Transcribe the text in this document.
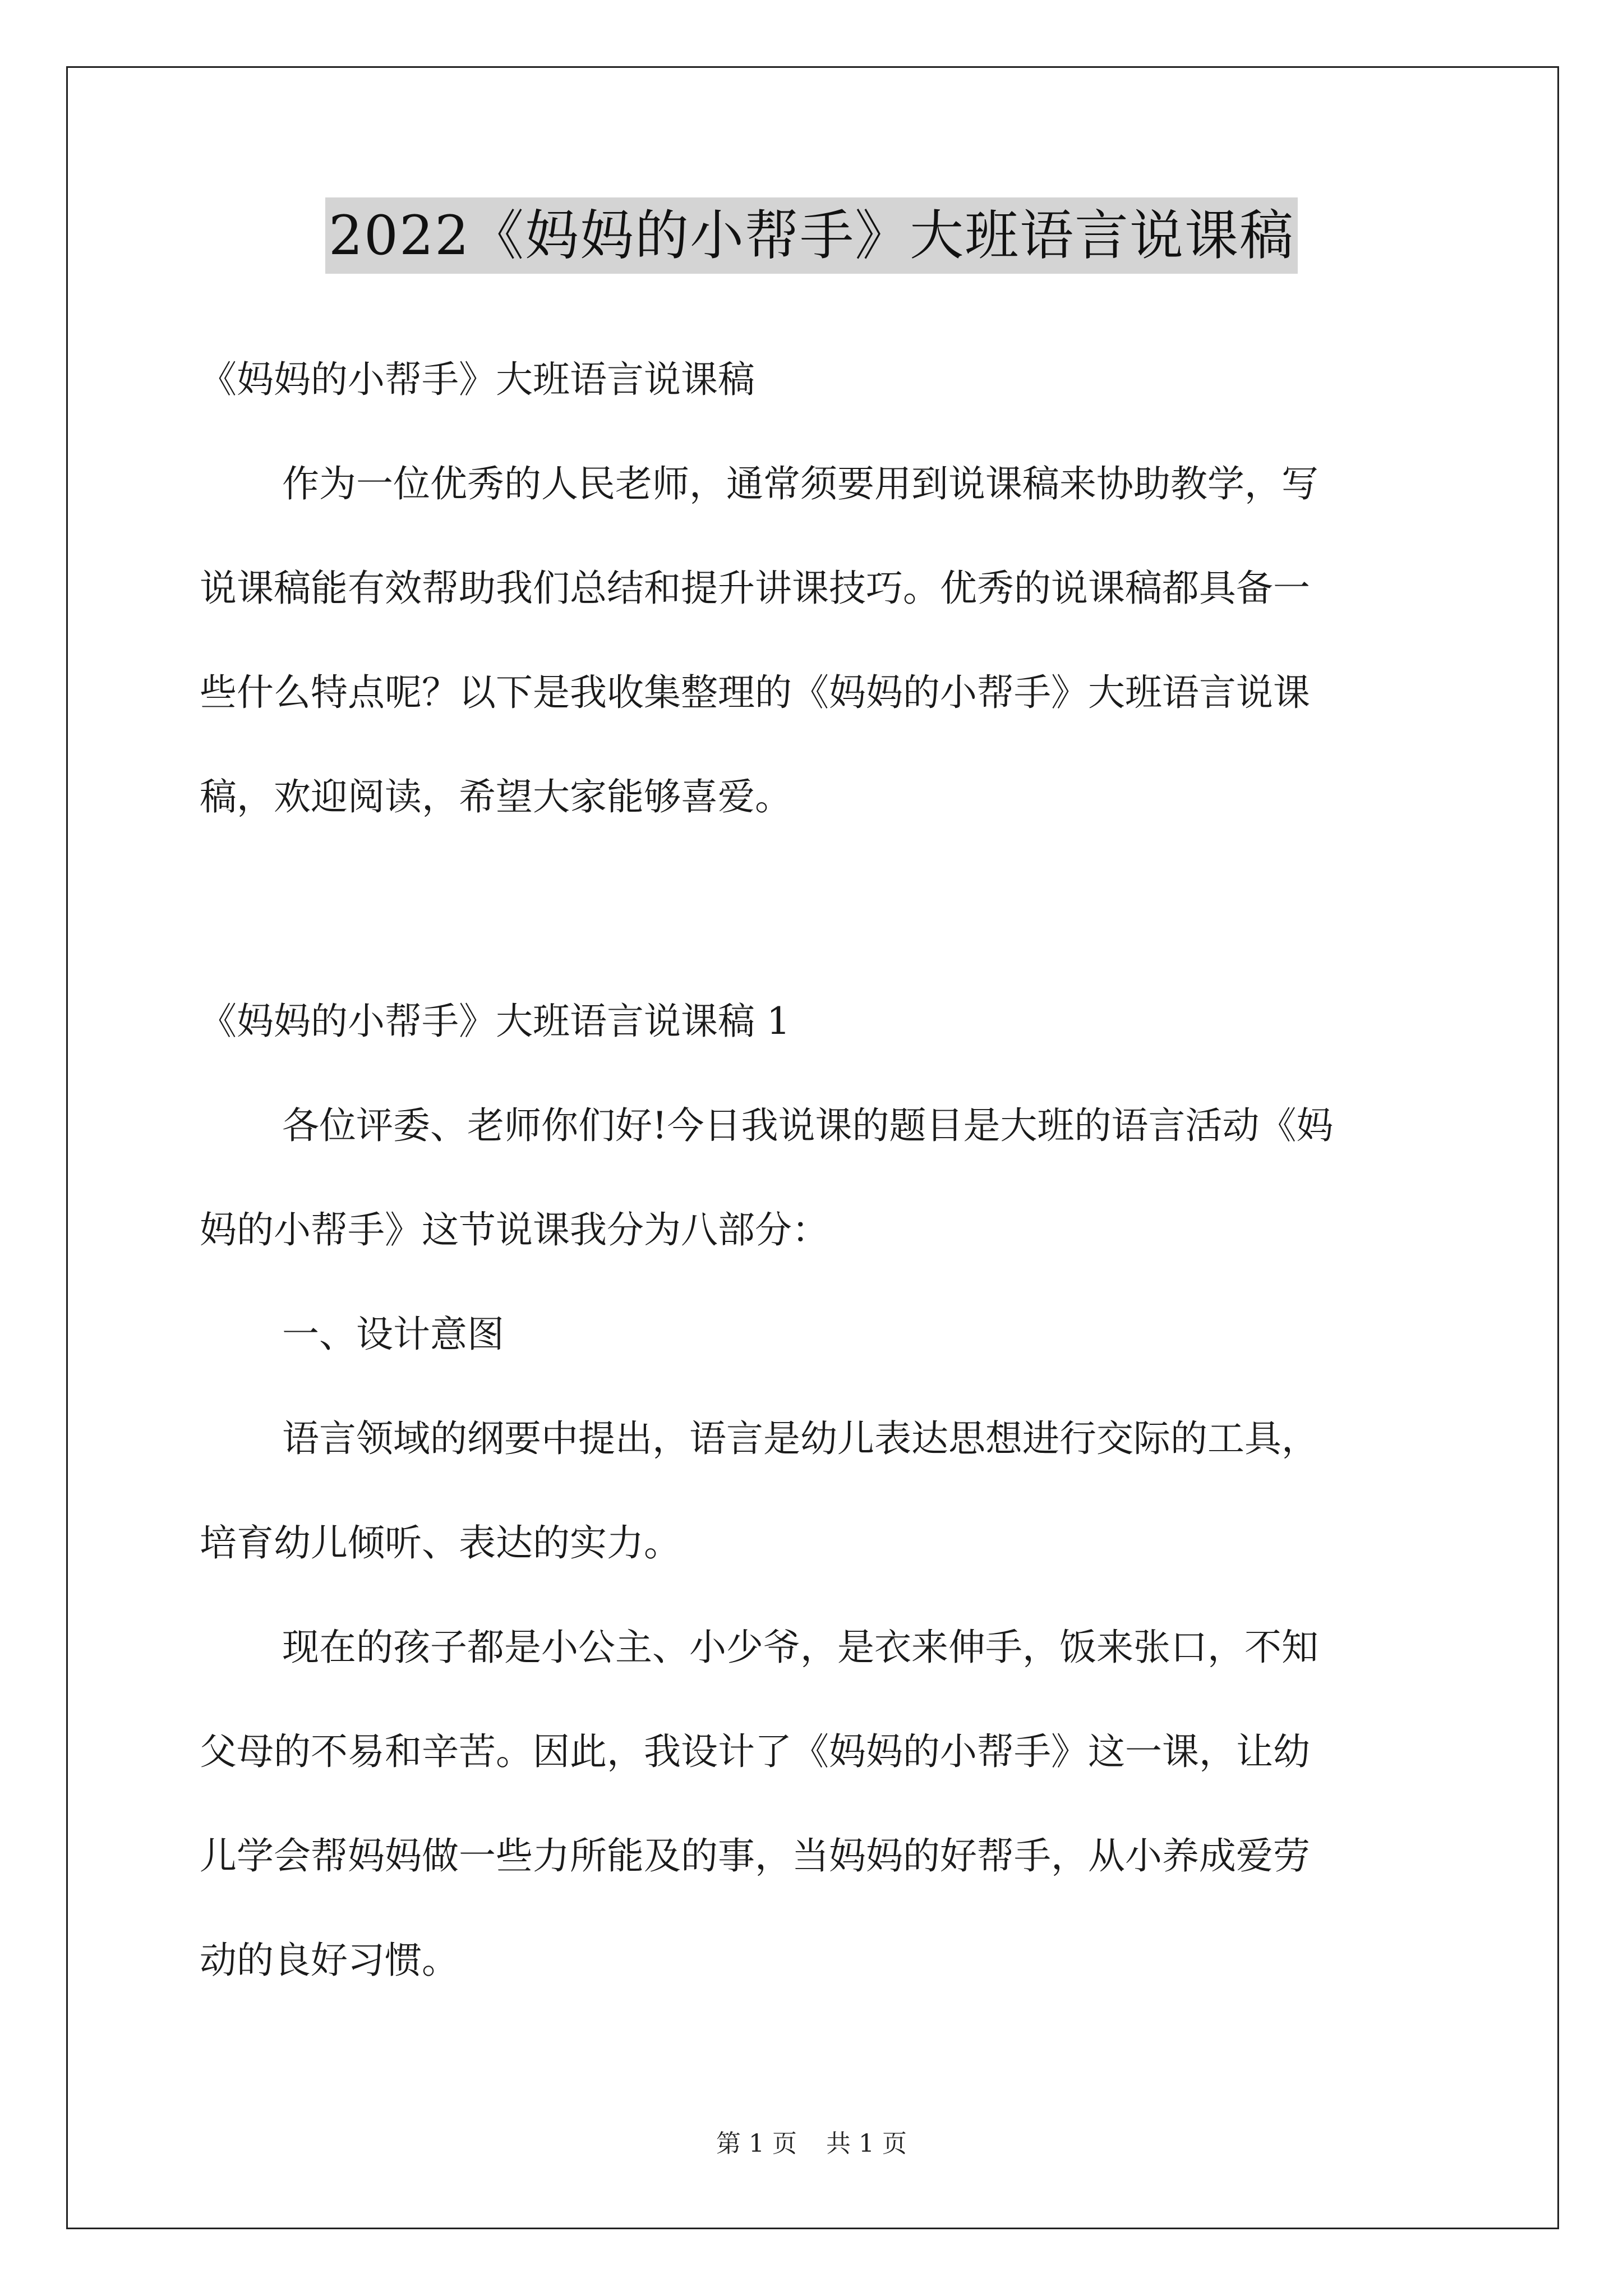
2022《妈妈的小帮手》大班语言说课稿
《妈妈的小帮手》大班语言说课稿
作为一位优秀的人民老师，通常须要用到说课稿来协助教学，写
说课稿能有效帮助我们总结和提升讲课技巧。优秀的说课稿都具备一
些什么特点呢？以下是我收集整理的《妈妈的小帮手》大班语言说课
稿，欢迎阅读，希望大家能够喜爱。
《妈妈的小帮手》大班语言说课稿 1
各位评委、老师你们好!今日我说课的题目是大班的语言活动《妈
妈的小帮手》这节说课我分为八部分：
一、设计意图
语言领域的纲要中提出，语言是幼儿表达思想进行交际的工具，
培育幼儿倾听、表达的实力。
现在的孩子都是小公主、小少爷，是衣来伸手，饭来张口，不知
父母的不易和辛苦。因此，我设计了《妈妈的小帮手》这一课，让幼
儿学会帮妈妈做一些力所能及的事，当妈妈的好帮手，从小养成爱劳
动的良好习惯。
第 1 页 共 1 页
